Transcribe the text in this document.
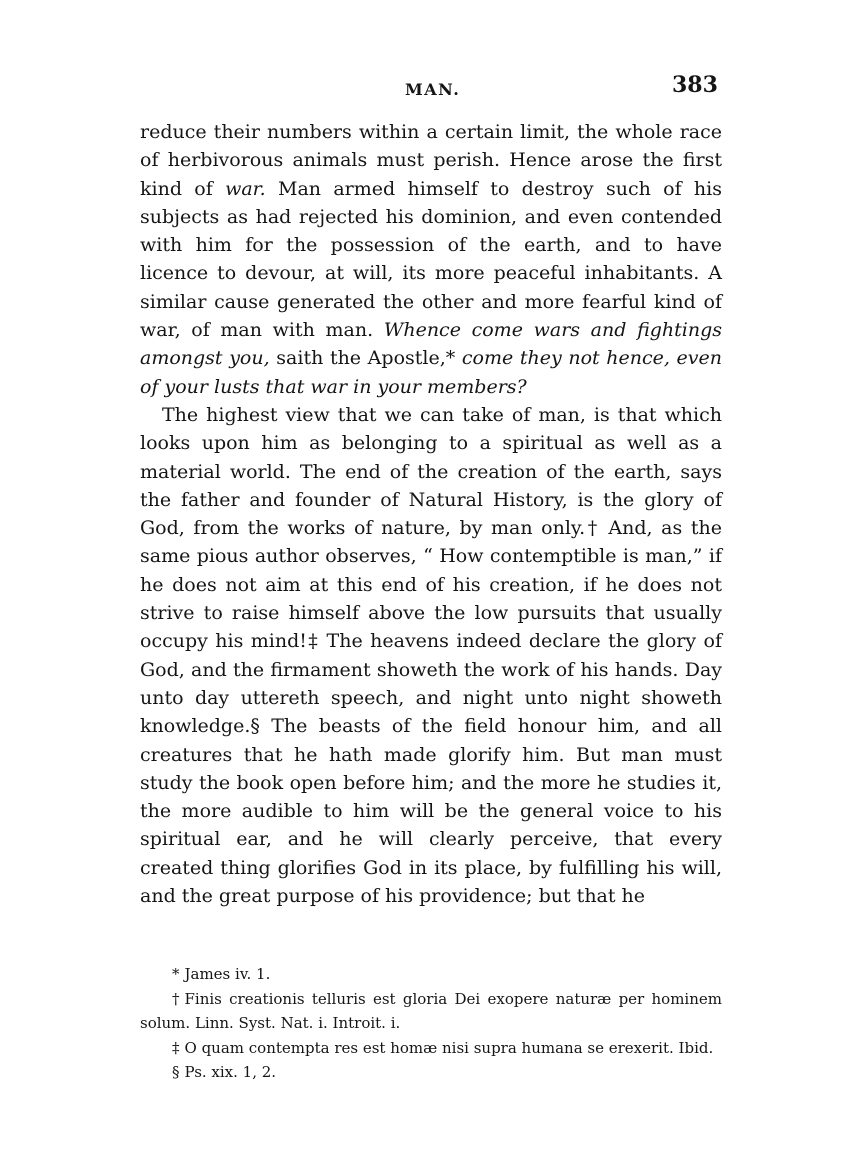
MAN.	383

reduce their numbers within a certain limit, the whole race of herbivorous animals must perish. Hence arose the first kind of war. Man armed himself to destroy such of his subjects as had rejected his dominion, and even contended with him for the possession of the earth, and to have licence to devour, at will, its more peaceful inhabitants. A similar cause generated the other and more fearful kind of war, of man with man. Whence come wars and fightings amongst you, saith the Apostle,* come they not hence, even of your lusts that war in your members?

The highest view that we can take of man, is that which looks upon him as belonging to a spiritual as well as a material world. The end of the creation of the earth, says the father and founder of Natural History, is the glory of God, from the works of nature, by man only.† And, as the same pious author observes, “ How contemptible is man,” if he does not aim at this end of his creation, if he does not strive to raise himself above the low pursuits that usually occupy his mind!‡ The heavens indeed declare the glory of God, and the firmament showeth the work of his hands. Day unto day uttereth speech, and night unto night showeth knowledge.§ The beasts of the field honour him, and all creatures that he hath made glorify him. But man must study the book open before him; and the more he studies it, the more audible to him will be the general voice to his spiritual ear, and he will clearly perceive, that every created thing glorifies God in its place, by fulfilling his will, and the great purpose of his providence; but that he

* James iv. 1.

† Finis creationis telluris est gloria Dei exopere naturæ per hominem solum. Linn. Syst. Nat. i. Introit. i.

‡ O quam contempta res est homæ nisi supra humana se erexerit. Ibid.

§ Ps. xix. 1, 2.
